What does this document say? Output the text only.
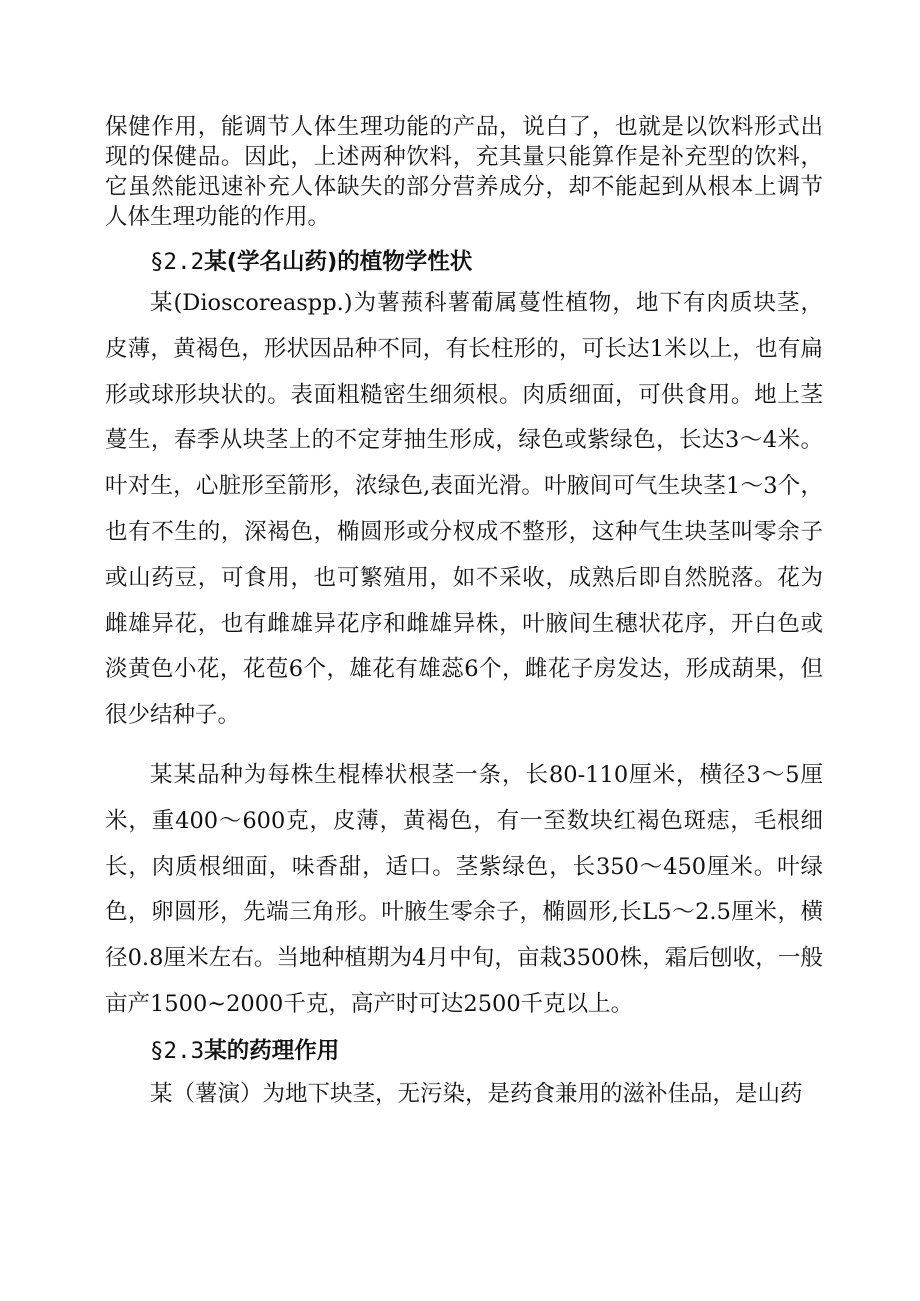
保健作用，能调节人体生理功能的产品，说白了，也就是以饮料形式出现的保健品。因此，上述两种饮料，充其量只能算作是补充型的饮料，它虽然能迅速补充人体缺失的部分营养成分，却不能起到从根本上调节人体生理功能的作用。

§2.2某(学名山药)的植物学性状

某(Dioscoreaspp.)为薯蓣科薯葡属蔓性植物，地下有肉质块茎，皮薄，黄褐色，形状因品种不同，有长柱形的，可长达1米以上，也有扁形或球形块状的。表面粗糙密生细须根。肉质细面，可供食用。地上茎蔓生，春季从块茎上的不定芽抽生形成，绿色或紫绿色，长达3～4米。叶对生，心脏形至箭形，浓绿色,表面光滑。叶腋间可气生块茎1～3个，也有不生的，深褐色，椭圆形或分杈成不整形，这种气生块茎叫零余子或山药豆，可食用，也可繁殖用，如不采收，成熟后即自然脱落。花为雌雄异花，也有雌雄异花序和雌雄异株，叶腋间生穗状花序，开白色或淡黄色小花，花苞6个，雄花有雄蕊6个，雌花子房发达，形成葫果，但很少结种子。

某某品种为每株生棍棒状根茎一条，长80-110厘米，横径3～5厘米，重400～600克，皮薄，黄褐色，有一至数块红褐色斑痣，毛根细长，肉质根细面，味香甜，适口。茎紫绿色，长350～450厘米。叶绿色，卵圆形，先端三角形。叶腋生零余子，椭圆形,长L5～2.5厘米，横径0.8厘米左右。当地种植期为4月中旬，亩栽3500株，霜后刨收，一般亩产1500~2000千克，高产时可达2500千克以上。

§2.3某的药理作用

某（薯演）为地下块茎，无污染，是药食兼用的滋补佳品，是山药
